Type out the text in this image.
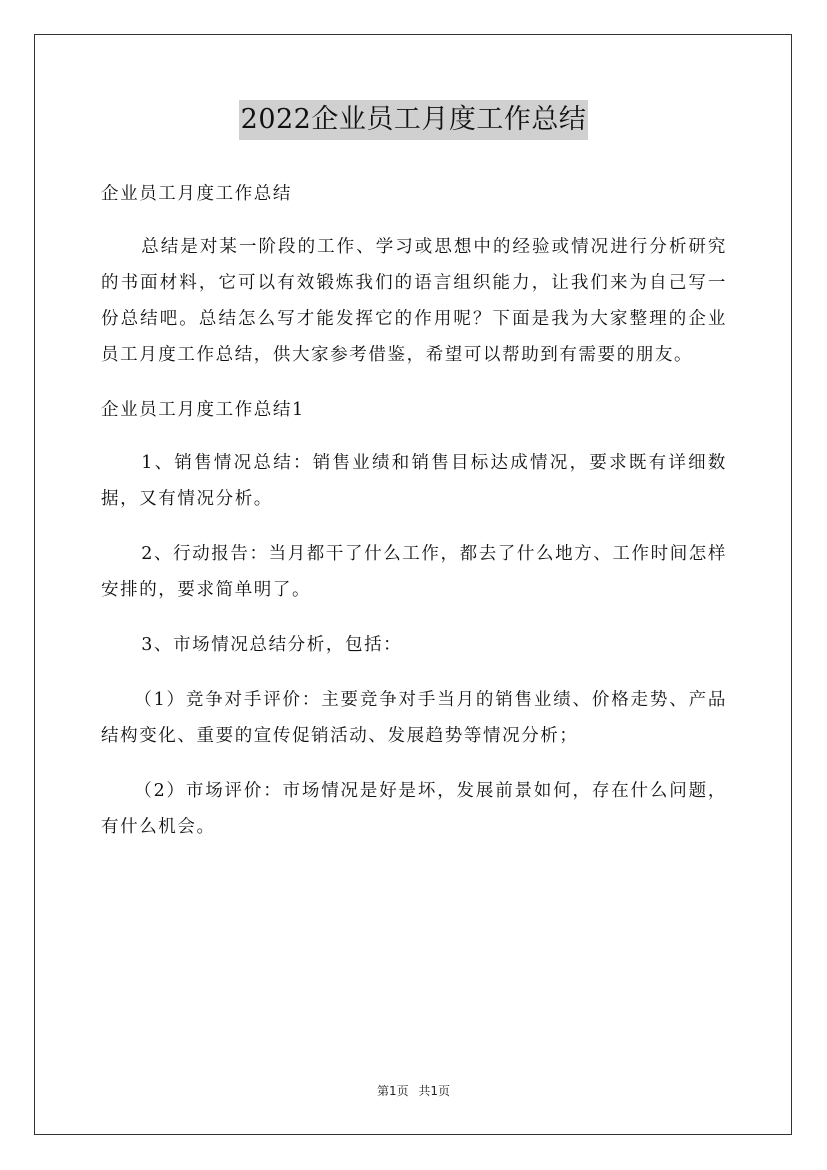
2022企业员工月度工作总结

企业员工月度工作总结

总结是对某一阶段的工作、学习或思想中的经验或情况进行分析研究的书面材料，它可以有效锻炼我们的语言组织能力，让我们来为自己写一份总结吧。总结怎么写才能发挥它的作用呢？下面是我为大家整理的企业员工月度工作总结，供大家参考借鉴，希望可以帮助到有需要的朋友。

企业员工月度工作总结1

1、销售情况总结：销售业绩和销售目标达成情况，要求既有详细数据，又有情况分析。

2、行动报告：当月都干了什么工作，都去了什么地方、工作时间怎样安排的，要求简单明了。

3、市场情况总结分析，包括：

（1）竞争对手评价：主要竞争对手当月的销售业绩、价格走势、产品结构变化、重要的宣传促销活动、发展趋势等情况分析；

（2）市场评价：市场情况是好是坏，发展前景如何，存在什么问题，有什么机会。

第1页 共1页
